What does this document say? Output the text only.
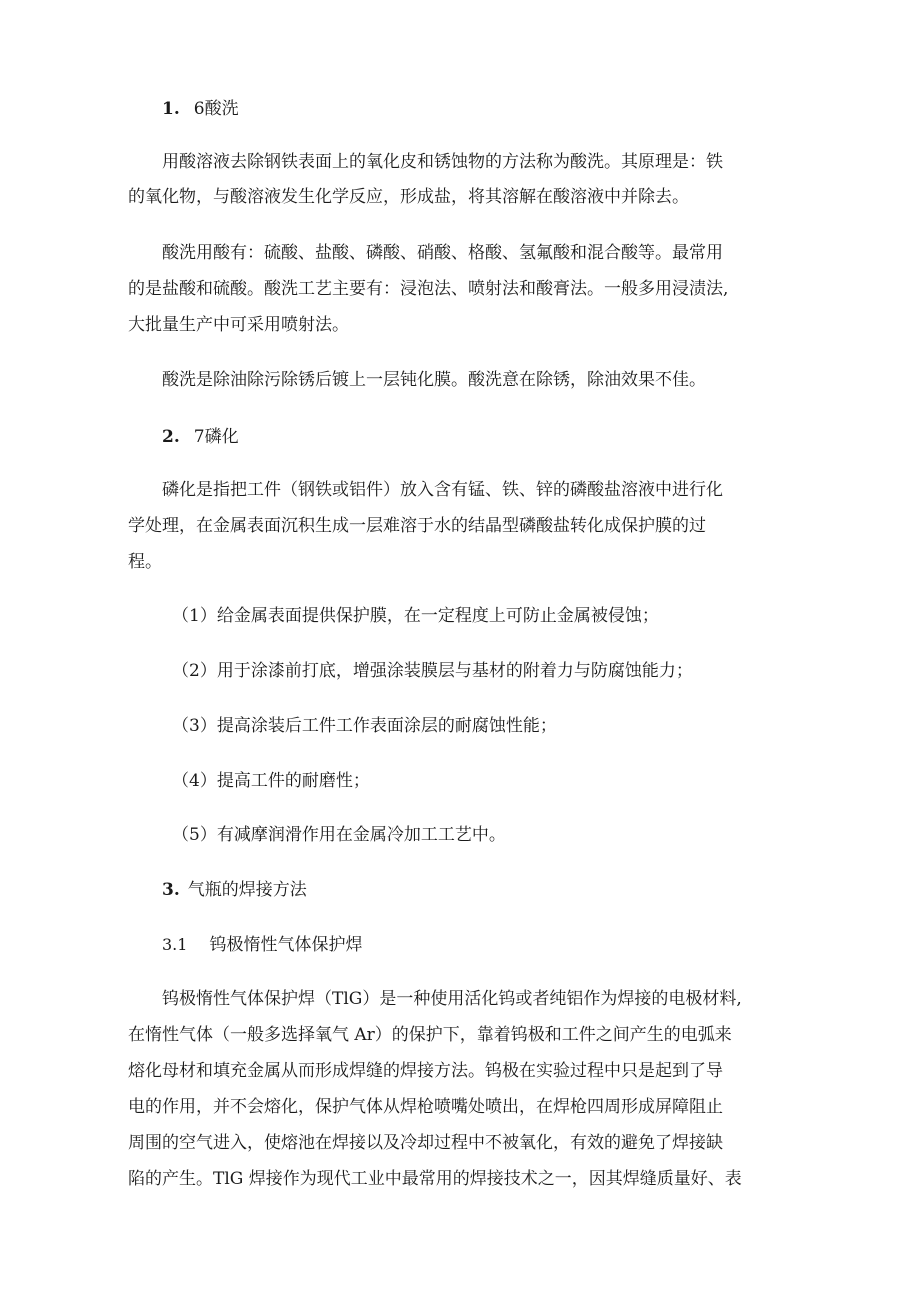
1. 6酸洗
用酸溶液去除钢铁表面上的氧化皮和锈蚀物的方法称为酸洗。其原理是：铁
的氧化物，与酸溶液发生化学反应，形成盐，将其溶解在酸溶液中并除去。
酸洗用酸有：硫酸、盐酸、磷酸、硝酸、格酸、氢氟酸和混合酸等。最常用
的是盐酸和硫酸。酸洗工艺主要有：浸泡法、喷射法和酸膏法。一般多用浸渍法,
大批量生产中可采用喷射法。
酸洗是除油除污除锈后镀上一层钝化膜。酸洗意在除锈，除油效果不佳。
2. 7磷化
磷化是指把工件（钢铁或铝件）放入含有锰、铁、锌的磷酸盐溶液中进行化
学处理，在金属表面沉积生成一层难溶于水的结晶型磷酸盐转化成保护膜的过
程。
（1）给金属表面提供保护膜，在一定程度上可防止金属被侵蚀；
（2）用于涂漆前打底，增强涂装膜层与基材的附着力与防腐蚀能力；
（3）提高涂装后工件工作表面涂层的耐腐蚀性能；
（4）提高工件的耐磨性；
（5）有减摩润滑作用在金属冷加工工艺中。
3. 气瓶的焊接方法
3.1 钨极惰性气体保护焊
钨极惰性气体保护焊（TlG）是一种使用活化钨或者纯铝作为焊接的电极材料,
在惰性气体（一般多选择氧气 Ar）的保护下，靠着钨极和工件之间产生的电弧来
熔化母材和填充金属从而形成焊缝的焊接方法。钨极在实验过程中只是起到了导
电的作用，并不会熔化，保护气体从焊枪喷嘴处喷出，在焊枪四周形成屏障阻止
周围的空气进入，使熔池在焊接以及冷却过程中不被氧化，有效的避免了焊接缺
陷的产生。TlG 焊接作为现代工业中最常用的焊接技术之一，因其焊缝质量好、表
